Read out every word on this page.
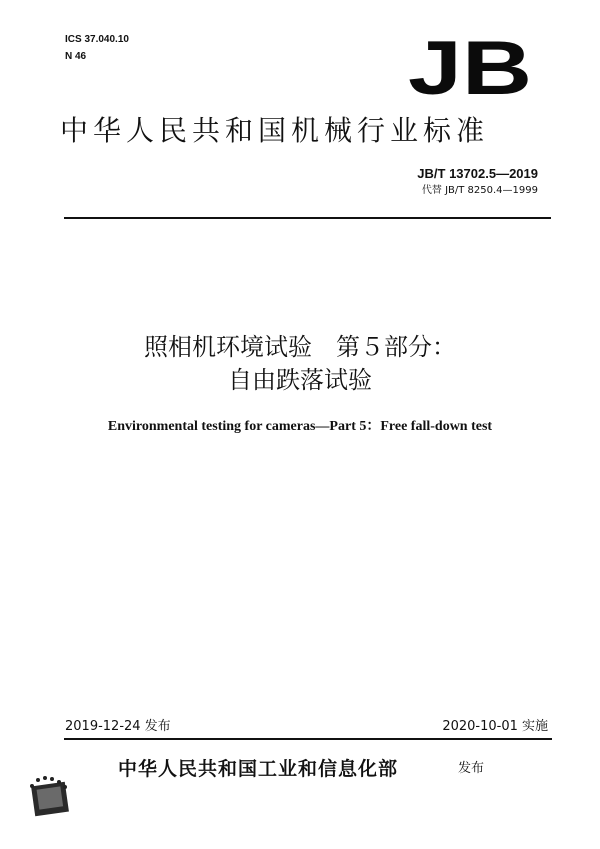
ICS 37.040.10
N 46	JB
中华人民共和国机械行业标准
JB/T 13702.5—2019
代替 JB/T 8250.4—1999
照相机环境试验　第５部分：
自由跌落试验
Environmental testing for cameras—Part 5：Free fall-down test
2019-12-24 发布	2020-10-01 实施
中华人民共和国工业和信息化部	发布
